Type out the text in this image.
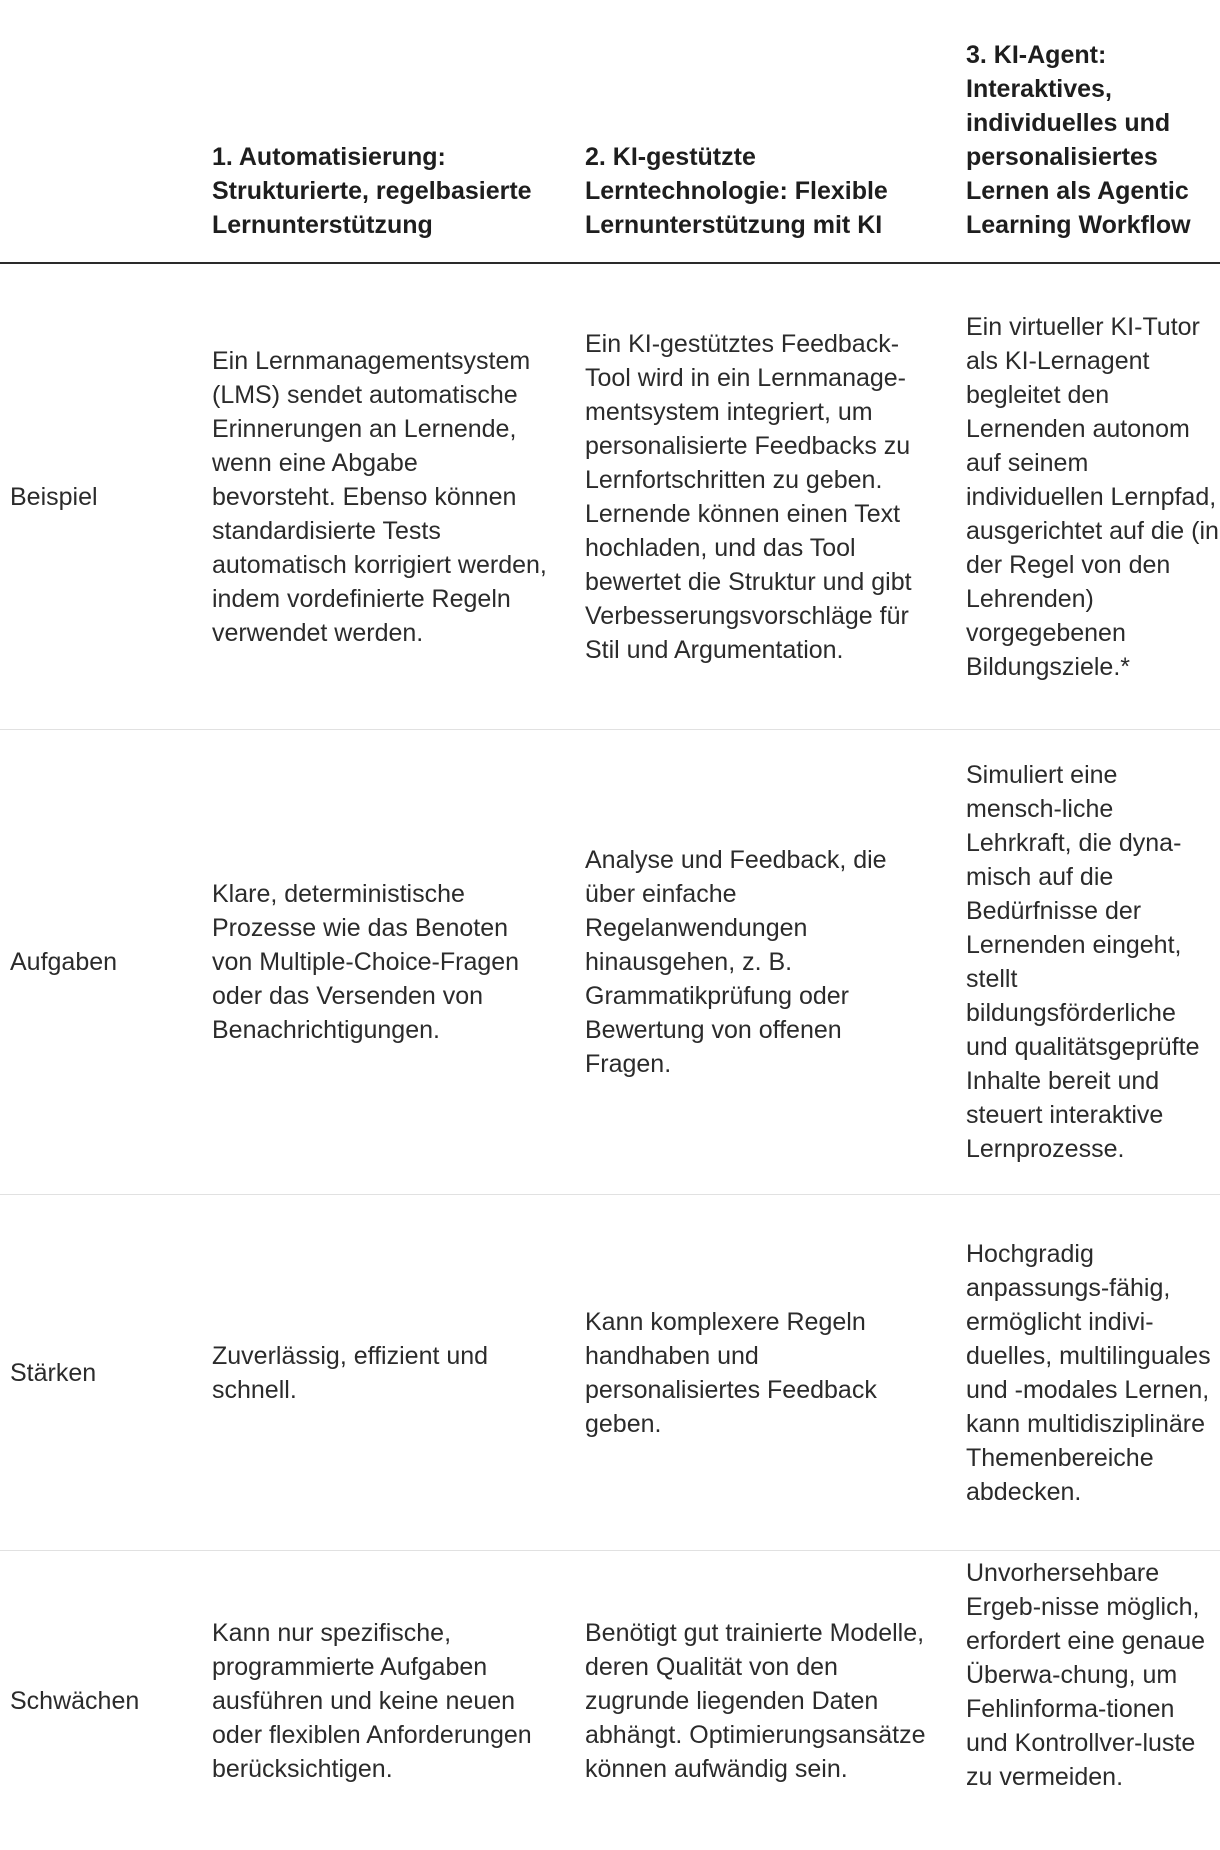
1. Automatisierung: Strukturierte, regelbasierte Lernunterstützung
2. KI-gestützte Lerntechnologie: Flexible Lernunterstützung mit KI
3. KI-Agent: Interaktives, individuelles und personalisiertes Lernen als Agentic Learning Workflow
Beispiel
Ein Lernmanagementsystem (LMS) sendet automatische Erinnerungen an Lernende, wenn eine Abgabe bevorsteht. Ebenso können standardisierte Tests automatisch korrigiert werden, indem vordefinierte Regeln verwendet werden.
Ein KI-gestütztes Feedback-Tool wird in ein Lernmanage-mentsystem integriert, um personalisierte Feedbacks zu Lernfortschritten zu geben. Lernende können einen Text hochladen, und das Tool bewertet die Struktur und gibt Verbesserungsvorschläge für Stil und Argumentation.
Ein virtueller KI-Tutor als KI-Lernagent begleitet den Lernenden autonom auf seinem individuellen Lernpfad, ausgerichtet auf die (in der Regel von den Lehrenden) vorgegebenen Bildungsziele.*
Aufgaben
Klare, deterministische Prozesse wie das Benoten von Multiple-Choice-Fragen oder das Versenden von Benachrichtigungen.
Analyse und Feedback, die über einfache Regelanwendungen hinausgehen, z. B. Grammatikprüfung oder Bewertung von offenen Fragen.
Simuliert eine mensch-liche Lehrkraft, die dyna-misch auf die Bedürfnisse der Lernenden eingeht, stellt bildungsförderliche und qualitätsgeprüfte Inhalte bereit und steuert interaktive Lernprozesse.
Stärken
Zuverlässig, effizient und schnell.
Kann komplexere Regeln handhaben und personalisiertes Feedback geben.
Hochgradig anpassungs-fähig, ermöglicht indivi-duelles, multilinguales und -modales Lernen, kann multidisziplinäre Themenbereiche abdecken.
Schwächen
Kann nur spezifische, programmierte Aufgaben ausführen und keine neuen oder flexiblen Anforderungen berücksichtigen.
Benötigt gut trainierte Modelle, deren Qualität von den zugrunde liegenden Daten abhängt. Optimierungsansätze können aufwändig sein.
Unvorhersehbare Ergeb-nisse möglich, erfordert eine genaue Überwa-chung, um Fehlinforma-tionen und Kontrollver-luste zu vermeiden.
